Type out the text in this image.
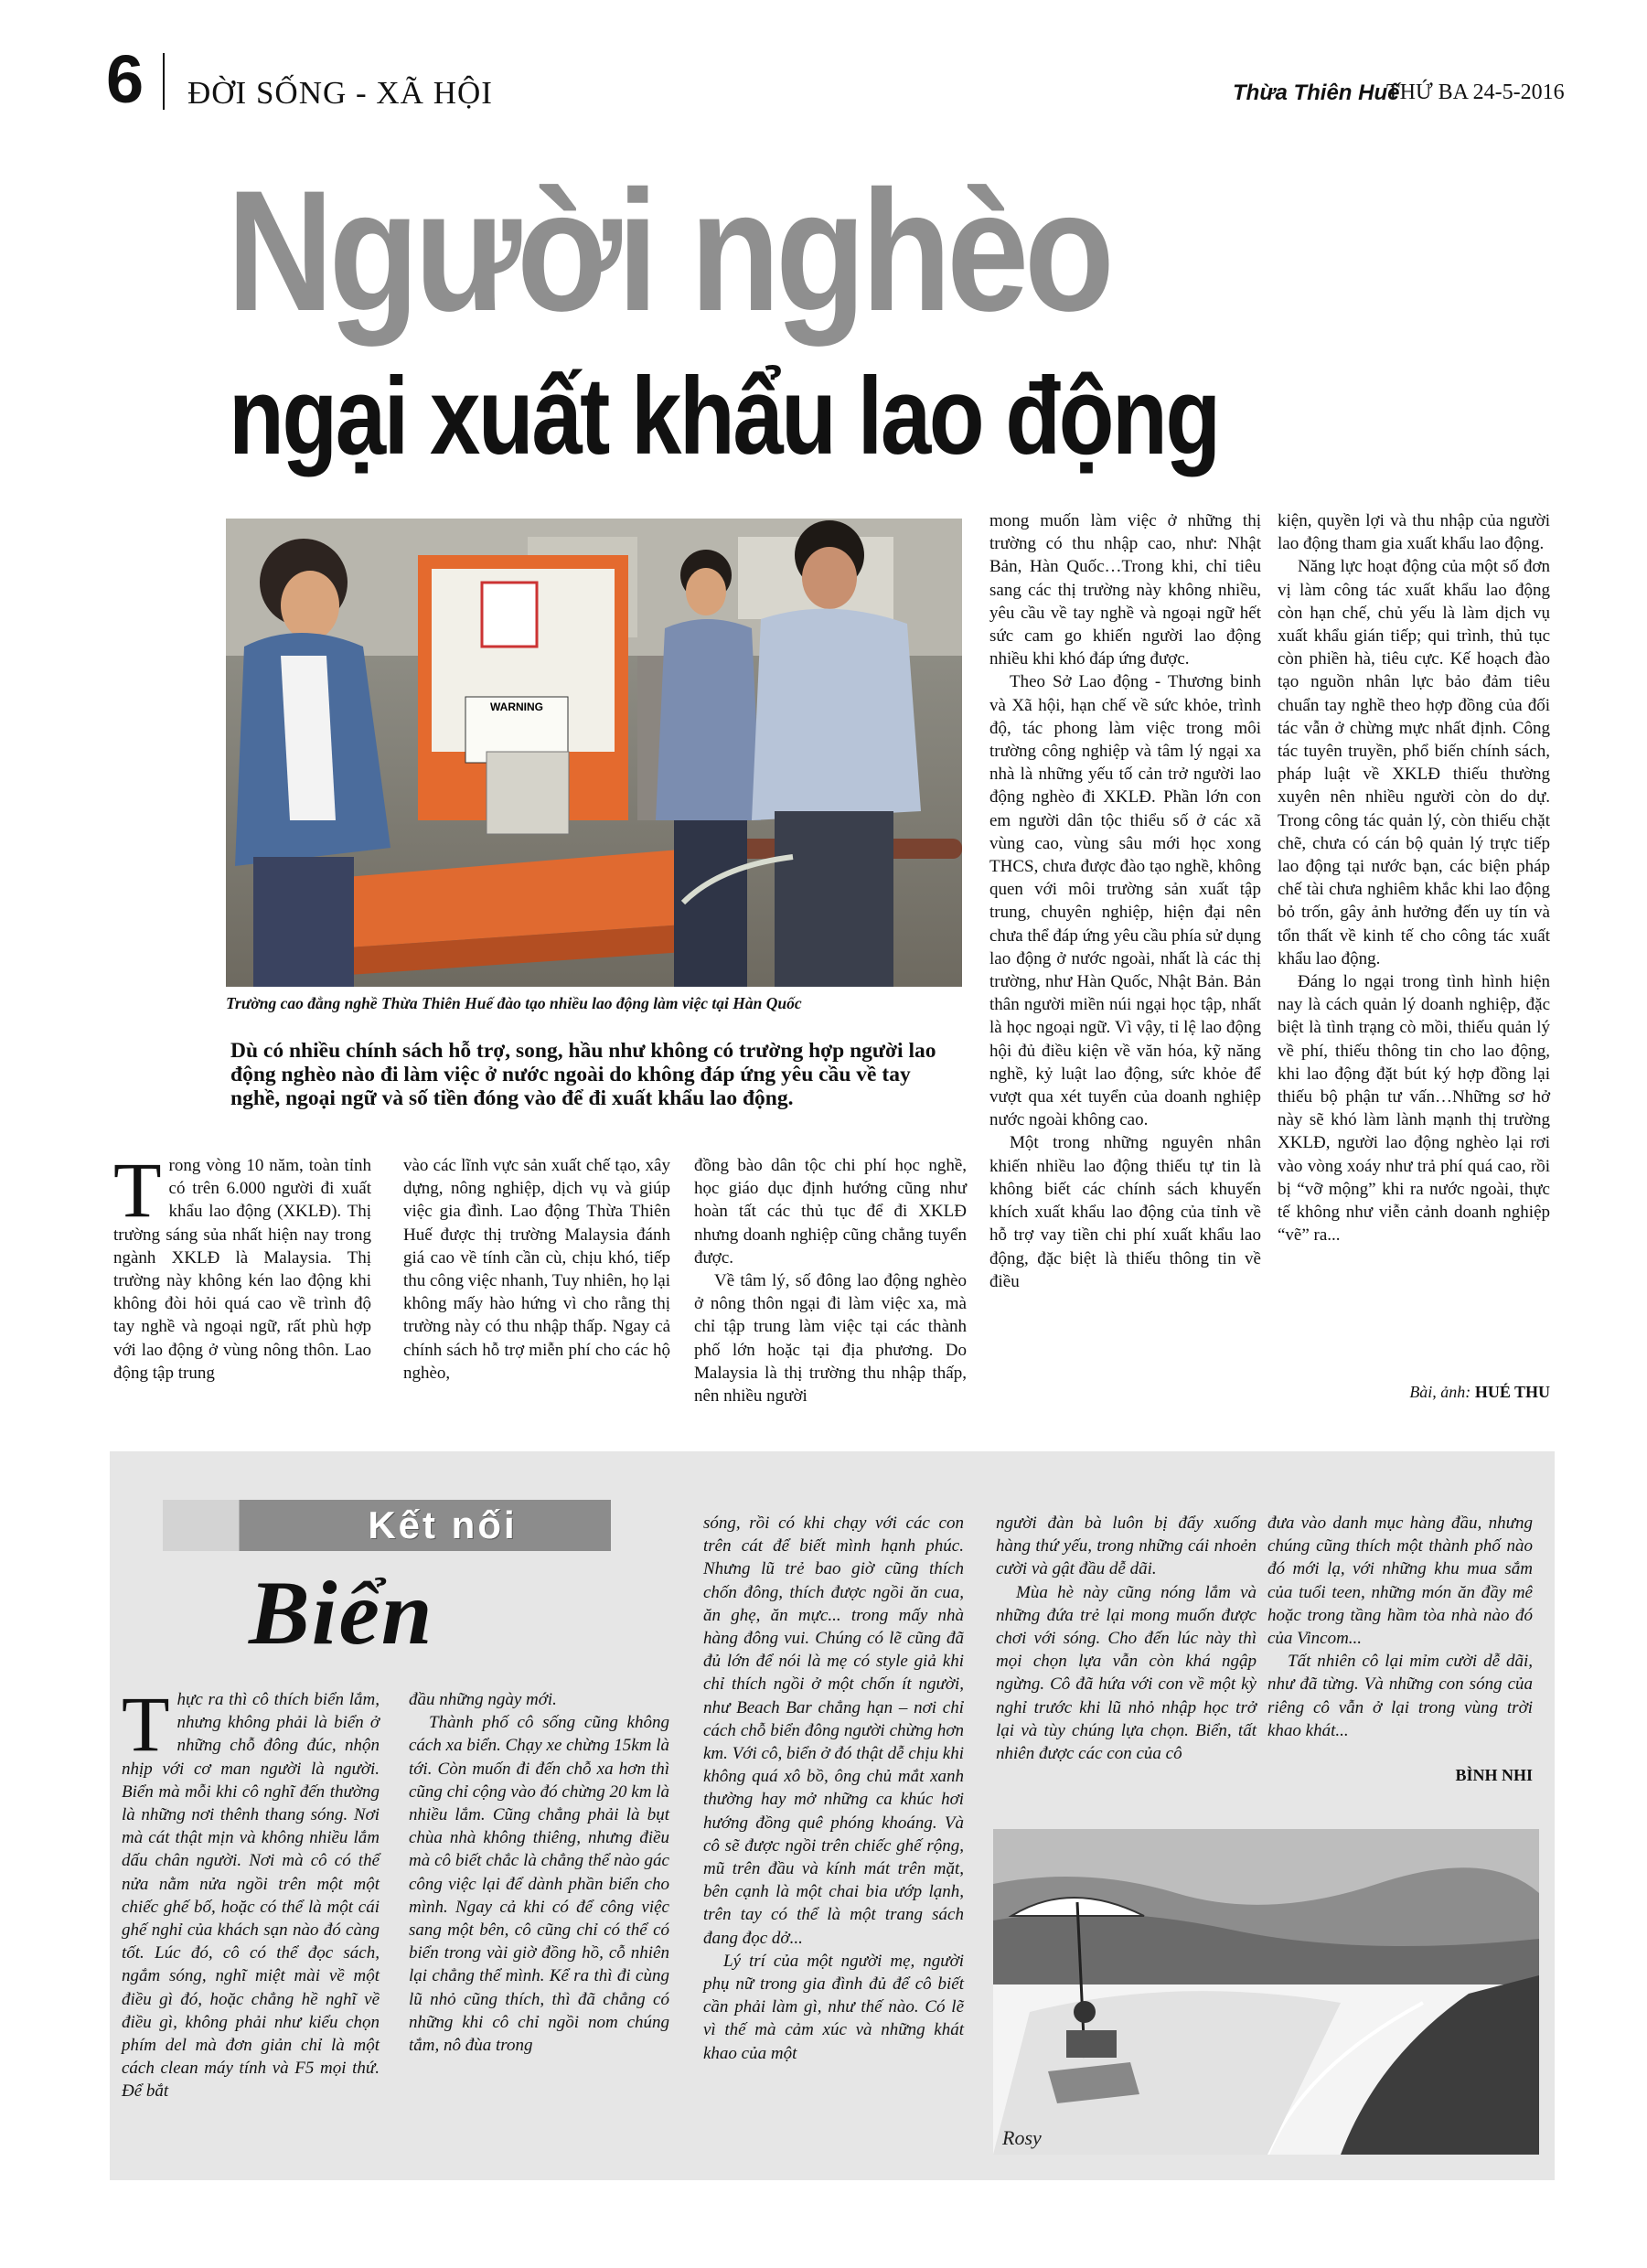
6 ĐỜI SỐNG - XÃ HỘI	Thừa Thiên Huế
THỨ BA 24-5-2016
Người nghèo
ngại xuất khẩu lao động
WARNING
Trường cao đẳng nghề Thừa Thiên Huế đào tạo nhiều lao động làm việc tại Hàn Quốc
Dù có nhiều chính sách hỗ trợ, song, hầu như không có trường hợp người lao động nghèo nào đi làm việc ở nước ngoài do không đáp ứng yêu cầu về tay nghề, ngoại ngữ và số tiền đóng vào để đi xuất khẩu lao động.

Trong vòng 10 năm, toàn tỉnh có trên 6.000 người đi xuất khẩu lao động (XKLĐ). Thị trường sáng sủa nhất hiện nay trong ngành XKLĐ là Malaysia. Thị trường này không kén lao động khi không đòi hỏi quá cao về trình độ tay nghề và ngoại ngữ, rất phù hợp với lao động ở vùng nông thôn. Lao động tập trung

vào các lĩnh vực sản xuất chế tạo, xây dựng, nông nghiệp, dịch vụ và giúp việc gia đình. Lao động Thừa Thiên Huế được thị trường Malaysia đánh giá cao về tính cần cù, chịu khó, tiếp thu công việc nhanh, Tuy nhiên, họ lại không mấy hào hứng vì cho rằng thị trường này có thu nhập thấp. Ngay cả chính sách hỗ trợ miễn phí cho các hộ nghèo,

đồng bào dân tộc chi phí học nghề, học giáo dục định hướng cũng như hoàn tất các thủ tục để đi XKLĐ nhưng doanh nghiệp cũng chẳng tuyển được.

Về tâm lý, số đông lao động nghèo ở nông thôn ngại đi làm việc xa, mà chỉ tập trung làm việc tại các thành phố lớn hoặc tại địa phương. Do Malaysia là thị trường thu nhập thấp, nên nhiều người

mong muốn làm việc ở những thị trường có thu nhập cao, như: Nhật Bản, Hàn Quốc…Trong khi, chỉ tiêu sang các thị trường này không nhiều, yêu cầu về tay nghề và ngoại ngữ hết sức cam go khiến người lao động nhiều khi khó đáp ứng được.

Theo Sở Lao động - Thương binh và Xã hội, hạn chế về sức khỏe, trình độ, tác phong làm việc trong môi trường công nghiệp và tâm lý ngại xa nhà là những yếu tố cản trở người lao động nghèo đi XKLĐ. Phần lớn con em người dân tộc thiểu số ở các xã vùng cao, vùng sâu mới học xong THCS, chưa được đào tạo nghề, không quen với môi trường sản xuất tập trung, chuyên nghiệp, hiện đại nên chưa thể đáp ứng yêu cầu phía sử dụng lao động ở nước ngoài, nhất là các thị trường, như Hàn Quốc, Nhật Bản. Bản thân người miền núi ngại học tập, nhất là học ngoại ngữ. Vì vậy, tỉ lệ lao động hội đủ điều kiện về văn hóa, kỹ năng nghề, kỷ luật lao động, sức khỏe để vượt qua xét tuyển của doanh nghiệp nước ngoài không cao.

Một trong những nguyên nhân khiến nhiều lao động thiếu tự tin là không biết các chính sách khuyến khích xuất khẩu lao động của tỉnh về hỗ trợ vay tiền chi phí xuất khẩu lao động, đặc biệt là thiếu thông tin về điều

kiện, quyền lợi và thu nhập của người lao động tham gia xuất khẩu lao động.

Năng lực hoạt động của một số đơn vị làm công tác xuất khẩu lao động còn hạn chế, chủ yếu là làm dịch vụ xuất khẩu gián tiếp; qui trình, thủ tục còn phiền hà, tiêu cực. Kế hoạch đào tạo nguồn nhân lực bảo đảm tiêu chuẩn tay nghề theo hợp đồng của đối tác vẫn ở chừng mực nhất định. Công tác tuyên truyền, phổ biến chính sách, pháp luật về XKLĐ thiếu thường xuyên nên nhiều người còn do dự. Trong công tác quản lý, còn thiếu chặt chẽ, chưa có cán bộ quản lý trực tiếp lao động tại nước bạn, các biện pháp chế tài chưa nghiêm khắc khi lao động bỏ trốn, gây ảnh hưởng đến uy tín và tổn thất về kinh tế cho công tác xuất khẩu lao động.

Đáng lo ngại trong tình hình hiện nay là cách quản lý doanh nghiệp, đặc biệt là tình trạng cò mồi, thiếu quản lý về phí, thiếu thông tin cho lao động, khi lao động đặt bút ký hợp đồng lại thiếu bộ phận tư vấn…Những sơ hở này sẽ khó làm lành mạnh thị trường XKLĐ, người lao động nghèo lại rơi vào vòng xoáy như trả phí quá cao, rồi bị “vỡ mộng” khi ra nước ngoài, thực tế không như viễn cảnh doanh nghiệp “vẽ” ra...

Bài, ảnh: HUÉ THU
Kết nối
Biển

Thực ra thì cô thích biển lắm, nhưng không phải là biển ở những chỗ đông đúc, nhộn nhịp với cơ man người là người. Biển mà mỗi khi cô nghĩ đến thường là những nơi thênh thang sóng. Nơi mà cát thật mịn và không nhiều lắm dấu chân người. Nơi mà cô có thể nửa nằm nửa ngồi trên một một chiếc ghế bố, hoặc có thể là một cái ghế nghỉ của khách sạn nào đó càng tốt. Lúc đó, cô có thể đọc sách, ngắm sóng, nghĩ miệt mài về một điều gì đó, hoặc chẳng hề nghĩ về điều gì, không phải như kiểu chọn phím del mà đơn giản chỉ là một cách clean máy tính và F5 mọi thứ. Để bắt

đầu những ngày mới.

Thành phố cô sống cũng không cách xa biển. Chạy xe chừng 15km là tới. Còn muốn đi đến chỗ xa hơn thì cũng chỉ cộng vào đó chừng 20 km là nhiều lắm. Cũng chẳng phải là bụt chùa nhà không thiêng, nhưng điều mà cô biết chắc là chẳng thể nào gác công việc lại để dành phần biển cho mình. Ngay cả khi có để công việc sang một bên, cô cũng chỉ có thể có biển trong vài giờ đồng hồ, cỗ nhiên lại chẳng thể mình. Kể ra thì đi cùng lũ nhỏ cũng thích, thì đã chẳng có những khi cô chỉ ngồi nom chúng tắm, nô đùa trong

sóng, rồi có khi chạy với các con trên cát để biết mình hạnh phúc. Nhưng lũ trẻ bao giờ cũng thích chốn đông, thích được ngồi ăn cua, ăn ghẹ, ăn mực... trong mấy nhà hàng đông vui. Chúng có lẽ cũng đã đủ lớn để nói là mẹ có style giả khi chỉ thích ngồi ở một chốn ít người, như Beach Bar chẳng hạn – nơi chỉ cách chỗ biển đông người chừng hơn km. Với cô, biển ở đó thật dễ chịu khi không quá xô bồ, ông chủ mắt xanh thường hay mở những ca khúc hơi hướng đồng quê phóng khoáng. Và cô sẽ được ngồi trên chiếc ghế rộng, mũ trên đầu và kính mát trên mặt, bên cạnh là một chai bia ướp lạnh, trên tay có thể là một trang sách đang đọc dở...

Lý trí của một người mẹ, người phụ nữ trong gia đình đủ để cô biết cần phải làm gì, như thế nào. Có lẽ vì thế mà cảm xúc và những khát khao của một

người đàn bà luôn bị đẩy xuống hàng thứ yếu, trong những cái nhoẻn cười và gật đầu dễ dãi.

Mùa hè này cũng nóng lắm và những đứa trẻ lại mong muốn được chơi với sóng. Cho đến lúc này thì mọi chọn lựa vẫn còn khá ngập ngừng. Cô đã hứa với con về một kỳ nghỉ trước khi lũ nhỏ nhập học trở lại và tùy chúng lựa chọn. Biển, tất nhiên được các con của cô

đưa vào danh mục hàng đầu, nhưng chúng cũng thích một thành phố nào đó mới lạ, với những khu mua sắm của tuổi teen, những món ăn đầy mê hoặc trong tầng hầm tòa nhà nào đó của Vincom...

Tất nhiên cô lại mỉm cười dễ dãi, như đã từng. Và những con sóng của riêng cô vẫn ở lại trong vùng trời khao khát...

BÌNH NHI
Rosy
